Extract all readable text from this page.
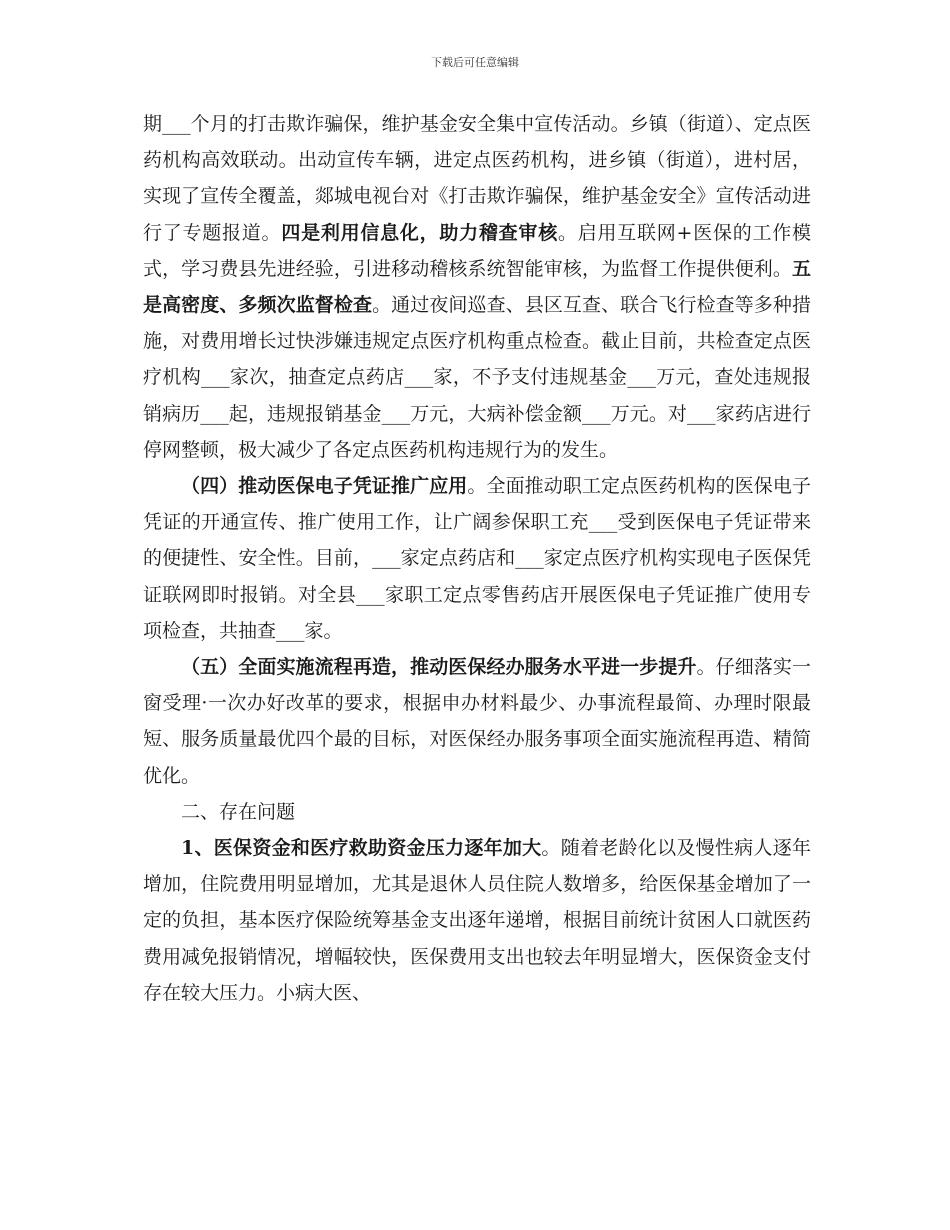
下载后可任意编辑

期___个月的打击欺诈骗保，维护基金安全集中宣传活动。乡镇（街道）、定点医药机构高效联动。出动宣传车辆，进定点医药机构，进乡镇（街道），进村居，实现了宣传全覆盖，郯城电视台对《打击欺诈骗保，维护基金安全》宣传活动进行了专题报道。四是利用信息化，助力稽查审核。启用互联网+医保的工作模式，学习费县先进经验，引进移动稽核系统智能审核，为监督工作提供便利。五是高密度、多频次监督检查。通过夜间巡查、县区互查、联合飞行检查等多种措施，对费用增长过快涉嫌违规定点医疗机构重点检查。截止目前，共检查定点医疗机构___家次，抽查定点药店___家，不予支付违规基金___万元，查处违规报销病历___起，违规报销基金___万元，大病补偿金额___万元。对___家药店进行停网整顿，极大减少了各定点医药机构违规行为的发生。

（四）推动医保电子凭证推广应用。全面推动职工定点医药机构的医保电子凭证的开通宣传、推广使用工作，让广阔参保职工充___受到医保电子凭证带来的便捷性、安全性。目前，___家定点药店和___家定点医疗机构实现电子医保凭证联网即时报销。对全县___家职工定点零售药店开展医保电子凭证推广使用专项检查，共抽查___家。

（五）全面实施流程再造，推动医保经办服务水平进一步提升。仔细落实一窗受理·一次办好改革的要求，根据申办材料最少、办事流程最简、办理时限最短、服务质量最优四个最的目标，对医保经办服务事项全面实施流程再造、精简优化。

二、存在问题

1、医保资金和医疗救助资金压力逐年加大。随着老龄化以及慢性病人逐年增加，住院费用明显增加，尤其是退休人员住院人数增多，给医保基金增加了一定的负担，基本医疗保险统筹基金支出逐年递增，根据目前统计贫困人口就医药费用减免报销情况，增幅较快，医保费用支出也较去年明显增大，医保资金支付存在较大压力。小病大医、
